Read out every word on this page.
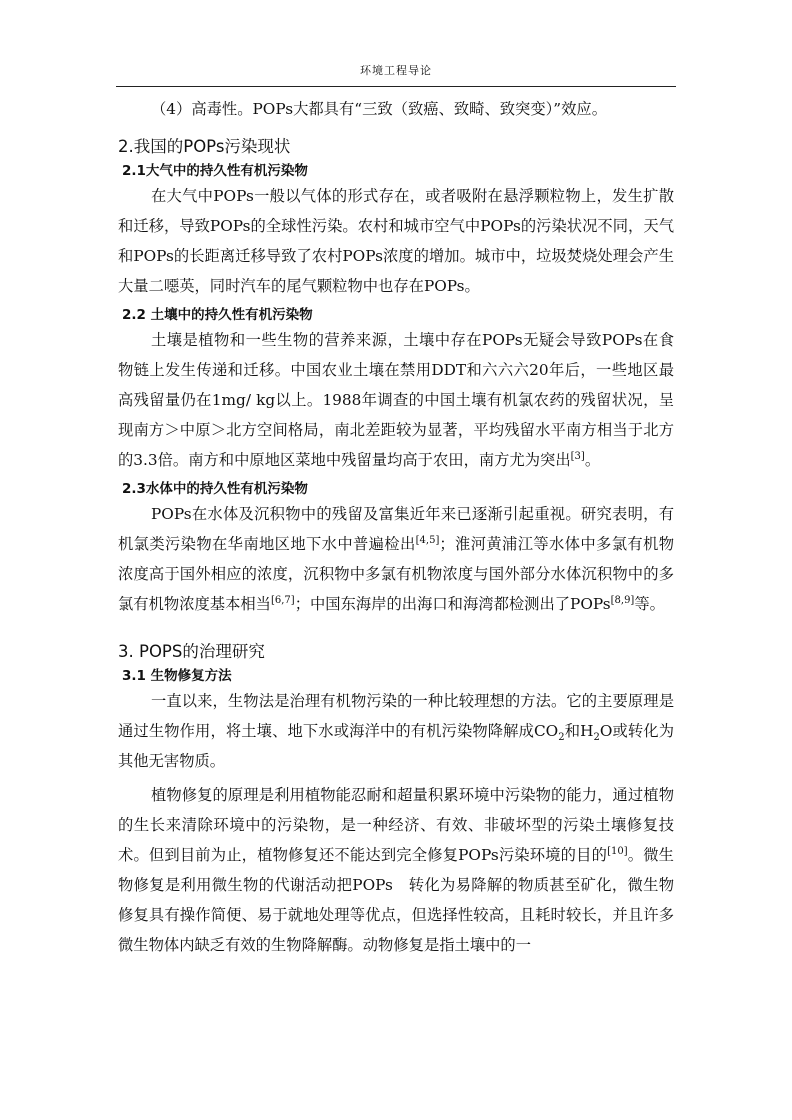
环境工程导论

（4）高毒性。POPs大都具有“三致（致癌、致畸、致突变）”效应。

2.我国的POPs污染现状
2.1大气中的持久性有机污染物

在大气中POPs一般以气体的形式存在，或者吸附在悬浮颗粒物上，发生扩散和迁移，导致POPs的全球性污染。农村和城市空气中POPs的污染状况不同，天气和POPs的长距离迁移导致了农村POPs浓度的增加。城市中，垃圾焚烧处理会产生大量二噁英，同时汽车的尾气颗粒物中也存在POPs。

2.2 土壤中的持久性有机污染物

土壤是植物和一些生物的营养来源，土壤中存在POPs无疑会导致POPs在食物链上发生传递和迁移。中国农业土壤在禁用DDT和六六六20年后，一些地区最高残留量仍在1mg/ kg以上。1988年调查的中国土壤有机氯农药的残留状况，呈现南方＞中原＞北方空间格局，南北差距较为显著，平均残留水平南方相当于北方的3.3倍。南方和中原地区菜地中残留量均高于农田，南方尤为突出[3]。

2.3水体中的持久性有机污染物

POPs在水体及沉积物中的残留及富集近年来已逐渐引起重视。研究表明，有机氯类污染物在华南地区地下水中普遍检出[4,5]；淮河黄浦江等水体中多氯有机物浓度高于国外相应的浓度，沉积物中多氯有机物浓度与国外部分水体沉积物中的多氯有机物浓度基本相当[6,7]；中国东海岸的出海口和海湾都检测出了POPs[8,9]等。

3. POPS的治理研究
3.1 生物修复方法

一直以来，生物法是治理有机物污染的一种比较理想的方法。它的主要原理是通过生物作用，将土壤、地下水或海洋中的有机污染物降解成$CO_2$和$H_2O$或转化为其他无害物质。

植物修复的原理是利用植物能忍耐和超量积累环境中污染物的能力，通过植物的生长来清除环境中的污染物，是一种经济、有效、非破坏型的污染土壤修复技术。但到目前为止，植物修复还不能达到完全修复POPs污染环境的目的[10]。微生物修复是利用微生物的代谢活动把POPs　转化为易降解的物质甚至矿化，微生物修复具有操作简便、易于就地处理等优点，但选择性较高，且耗时较长，并且许多微生物体内缺乏有效的生物降解酶。动物修复是指土壤中的一
